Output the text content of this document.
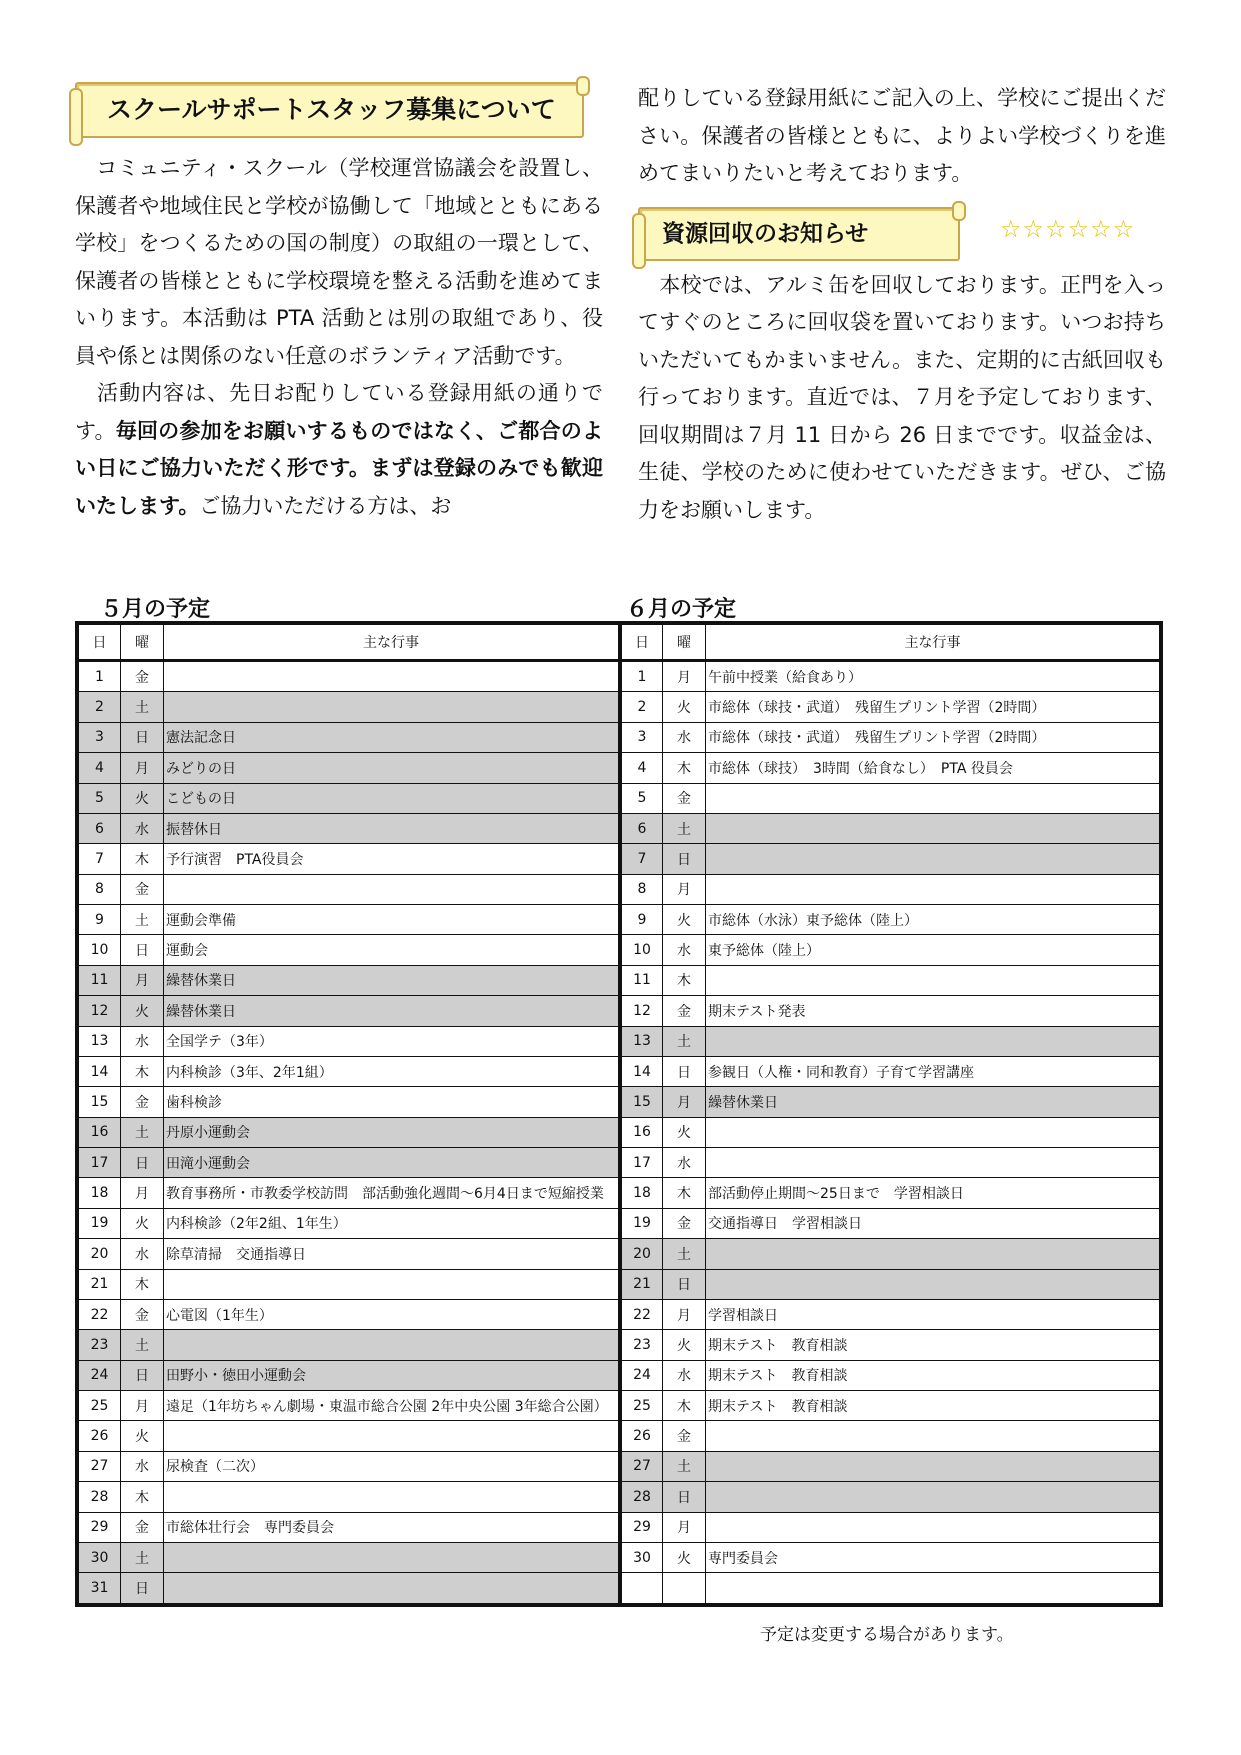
スクールサポートスタッフ募集について

　コミュニティ・スクール（学校運営協議会を設置し、保護者や地域住民と学校が協働して「地域とともにある学校」をつくるための国の制度）の取組の一環として、保護者の皆様とともに学校環境を整える活動を進めてまいります。本活動は PTA 活動とは別の取組であり、役員や係とは関係のない任意のボランティア活動です。

　活動内容は、先日お配りしている登録用紙の通りです。毎回の参加をお願いするものではなく、ご都合のよい日にご協力いただく形です。まずは登録のみでも歓迎いたします。ご協力いただける方は、お

配りしている登録用紙にご記入の上、学校にご提出ください。保護者の皆様とともに、よりよい学校づくりを進めてまいりたいと考えております。

資源回収のお知らせ	☆☆☆☆☆☆

　本校では、アルミ缶を回収しております。正門を入ってすぐのところに回収袋を置いております。いつお持ちいただいてもかまいません。また、定期的に古紙回収も行っております。直近では、７月を予定しております、回収期間は７月 11 日から 26 日までです。収益金は、生徒、学校のために使わせていただきます。ぜひ、ご協力をお願いします。

５月の予定	６月の予定
日	曜	主な行事
1	金	
2	土	
3	日	憲法記念日
4	月	みどりの日
5	火	こどもの日
6	水	振替休日
7	木	予行演習　PTA役員会
8	金	
9	土	運動会準備
10	日	運動会
11	月	繰替休業日
12	火	繰替休業日
13	水	全国学テ（3年）
14	木	内科検診（3年、2年1組）
15	金	歯科検診
16	土	丹原小運動会
17	日	田滝小運動会
18	月	教育事務所・市教委学校訪問　部活動強化週間～6月4日まで短縮授業
19	火	内科検診（2年2組、1年生）
20	水	除草清掃　交通指導日
21	木	
22	金	心電図（1年生）
23	土	
24	日	田野小・徳田小運動会
25	月	遠足（1年坊ちゃん劇場・東温市総合公園 2年中央公園 3年総合公園）
26	火	
27	水	尿検査（二次）
28	木	
29	金	市総体壮行会　専門委員会
30	土	
31	日	
日	曜	主な行事
1	月	午前中授業（給食あり）
2	火	市総体（球技・武道）　残留生プリント学習（2時間）
3	水	市総体（球技・武道）　残留生プリント学習（2時間）
4	木	市総体（球技）　3時間（給食なし）　PTA 役員会
5	金	
6	土	
7	日	
8	月	
9	火	市総体（水泳）東予総体（陸上）
10	水	東予総体（陸上）
11	木	
12	金	期末テスト発表
13	土	
14	日	参観日（人権・同和教育）子育て学習講座
15	月	繰替休業日
16	火	
17	水	
18	木	部活動停止期間～25日まで　学習相談日
19	金	交通指導日　学習相談日
20	土	
21	日	
22	月	学習相談日
23	火	期末テスト　教育相談
24	水	期末テスト　教育相談
25	木	期末テスト　教育相談
26	金	
27	土	
28	日	
29	月	
30	火	専門委員会

予定は変更する場合があります。
